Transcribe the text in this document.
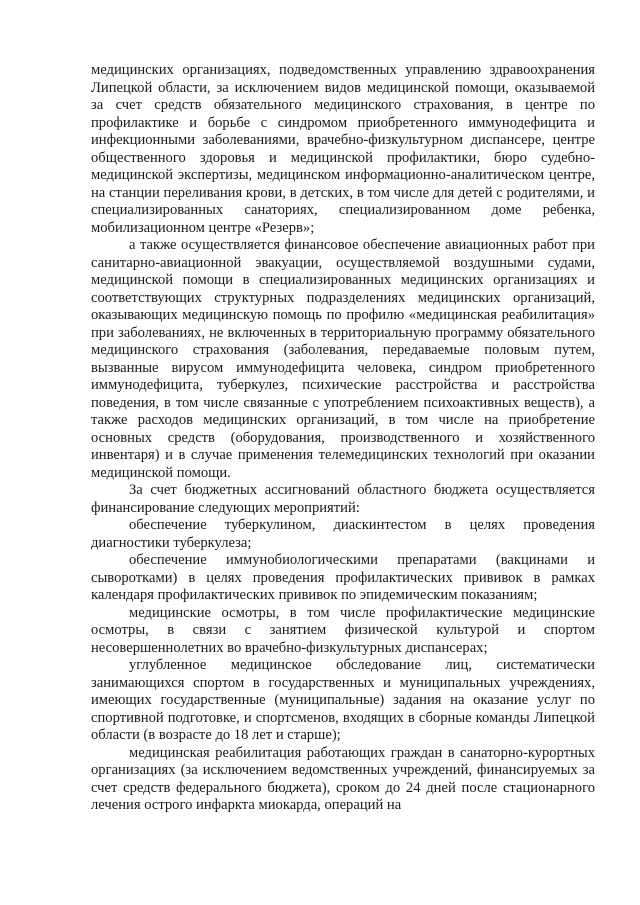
медицинских организациях, подведомственных управлению здравоохранения Липецкой области, за исключением видов медицинской помощи, оказываемой за счет средств обязательного медицинского страхования, в центре по профилактике и борьбе с синдромом приобретенного иммунодефицита и инфекционными заболеваниями, врачебно-физкультурном диспансере, центре общественного здоровья и медицинской профилактики, бюро судебно-медицинской экспертизы, медицинском информационно-аналитическом центре, на станции переливания крови, в детских, в том числе для детей с родителями, и специализированных санаториях, специализированном доме ребенка, мобилизационном центре «Резерв»;

а также осуществляется финансовое обеспечение авиационных работ при санитарно-авиационной эвакуации, осуществляемой воздушными судами, медицинской помощи в специализированных медицинских организациях и соответствующих структурных подразделениях медицинских организаций, оказывающих медицинскую помощь по профилю «медицинская реабилитация» при заболеваниях, не включенных в территориальную программу обязательного медицинского страхования (заболевания, передаваемые половым путем, вызванные вирусом иммунодефицита человека, синдром приобретенного иммунодефицита, туберкулез, психические расстройства и расстройства поведения, в том числе связанные с употреблением психоактивных веществ), а также расходов медицинских организаций, в том числе на приобретение основных средств (оборудования, производственного и хозяйственного инвентаря) и в случае применения телемедицинских технологий при оказании медицинской помощи.

За счет бюджетных ассигнований областного бюджета осуществляется финансирование следующих мероприятий:

обеспечение туберкулином, диаскинтестом в целях проведения диагностики туберкулеза;

обеспечение иммунобиологическими препаратами (вакцинами и сыворотками) в целях проведения профилактических прививок в рамках календаря профилактических прививок по эпидемическим показаниям;

медицинские осмотры, в том числе профилактические медицинские осмотры, в связи с занятием физической культурой и спортом несовершеннолетних во врачебно-физкультурных диспансерах;

углубленное медицинское обследование лиц, систематически занимающихся спортом в государственных и муниципальных учреждениях, имеющих государственные (муниципальные) задания на оказание услуг по спортивной подготовке, и спортсменов, входящих в сборные команды Липецкой области (в возрасте до 18 лет и старше);

медицинская реабилитация работающих граждан в санаторно-курортных организациях (за исключением ведомственных учреждений, финансируемых за счет средств федерального бюджета), сроком до 24 дней после стационарного лечения острого инфаркта миокарда, операций на
